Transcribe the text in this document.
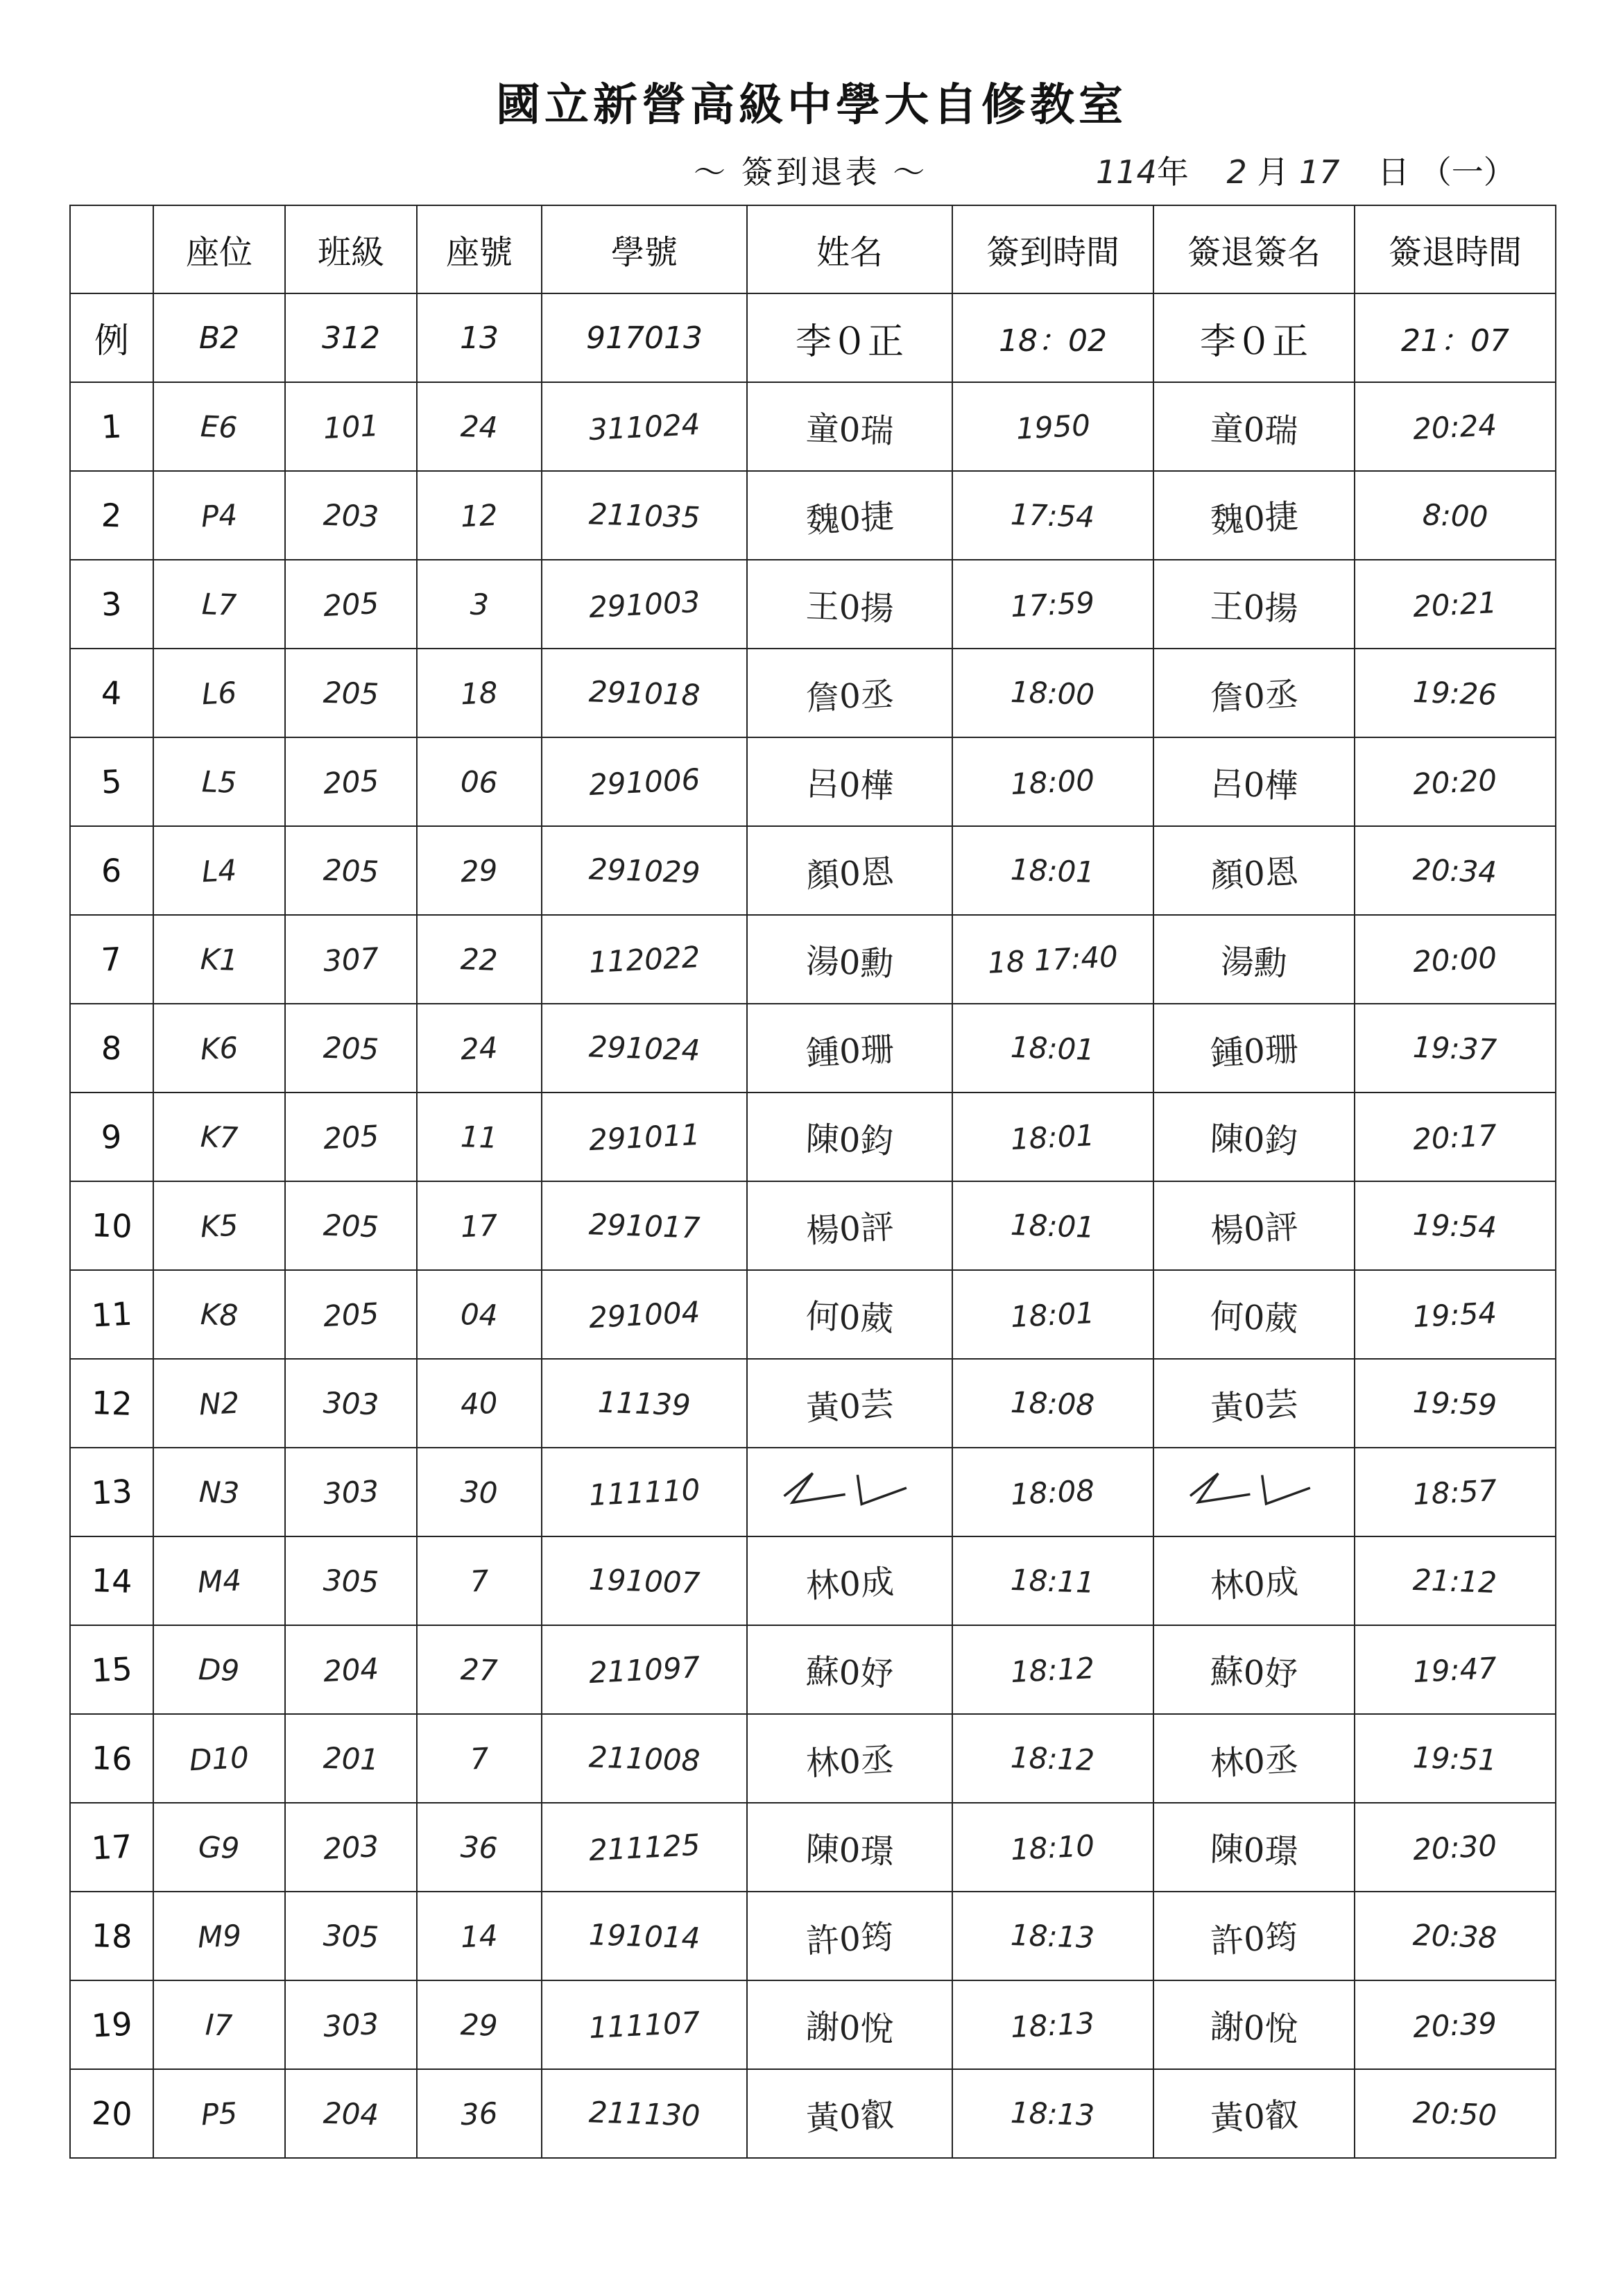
國立新營高級中學大自修教室
～ 簽到退表 ～	114年 2 月 17 日 （一）
	座位	班級	座號	學號	姓名	簽到時間	簽退簽名	簽退時間
例	B2	312	13	917013	李０正	18：02	李０正	21：07
1	E6	101	24	311024	童0瑞	1950	童0瑞	20:24
2	P4	203	12	211035	魏0捷	17:54	魏0捷	8:00
3	L7	205	3	291003	王0揚	17:59	王0揚	20:21
4	L6	205	18	291018	詹0丞	18:00	詹0丞	19:26
5	L5	205	06	291006	呂0樺	18:00	呂0樺	20:20
6	L4	205	29	291029	顏0恩	18:01	顏0恩	20:34
7	K1	307	22	112022	湯0勳	18 17:40	湯勳	20:00
8	K6	205	24	291024	鍾0珊	18:01	鍾0珊	19:37
9	K7	205	11	291011	陳0鈞	18:01	陳0鈞	20:17
10	K5	205	17	291017	楊0評	18:01	楊0評	19:54
11	K8	205	04	291004	何0葳	18:01	何0葳	19:54
12	N2	303	40	11139	黃0芸	18:08	黃0芸	19:59
13	N3	303	30	111110		18:08		18:57
14	M4	305	7	191007	林0成	18:11	林0成	21:12
15	D9	204	27	211097	蘇0妤	18:12	蘇0妤	19:47
16	D10	201	7	211008	林0丞	18:12	林0丞	19:51
17	G9	203	36	211125	陳0璟	18:10	陳0璟	20:30
18	M9	305	14	191014	許0筠	18:13	許0筠	20:38
19	I7	303	29	111107	謝0悅	18:13	謝0悅	20:39
20	P5	204	36	211130	黃0叡	18:13	黃0叡	20:50
